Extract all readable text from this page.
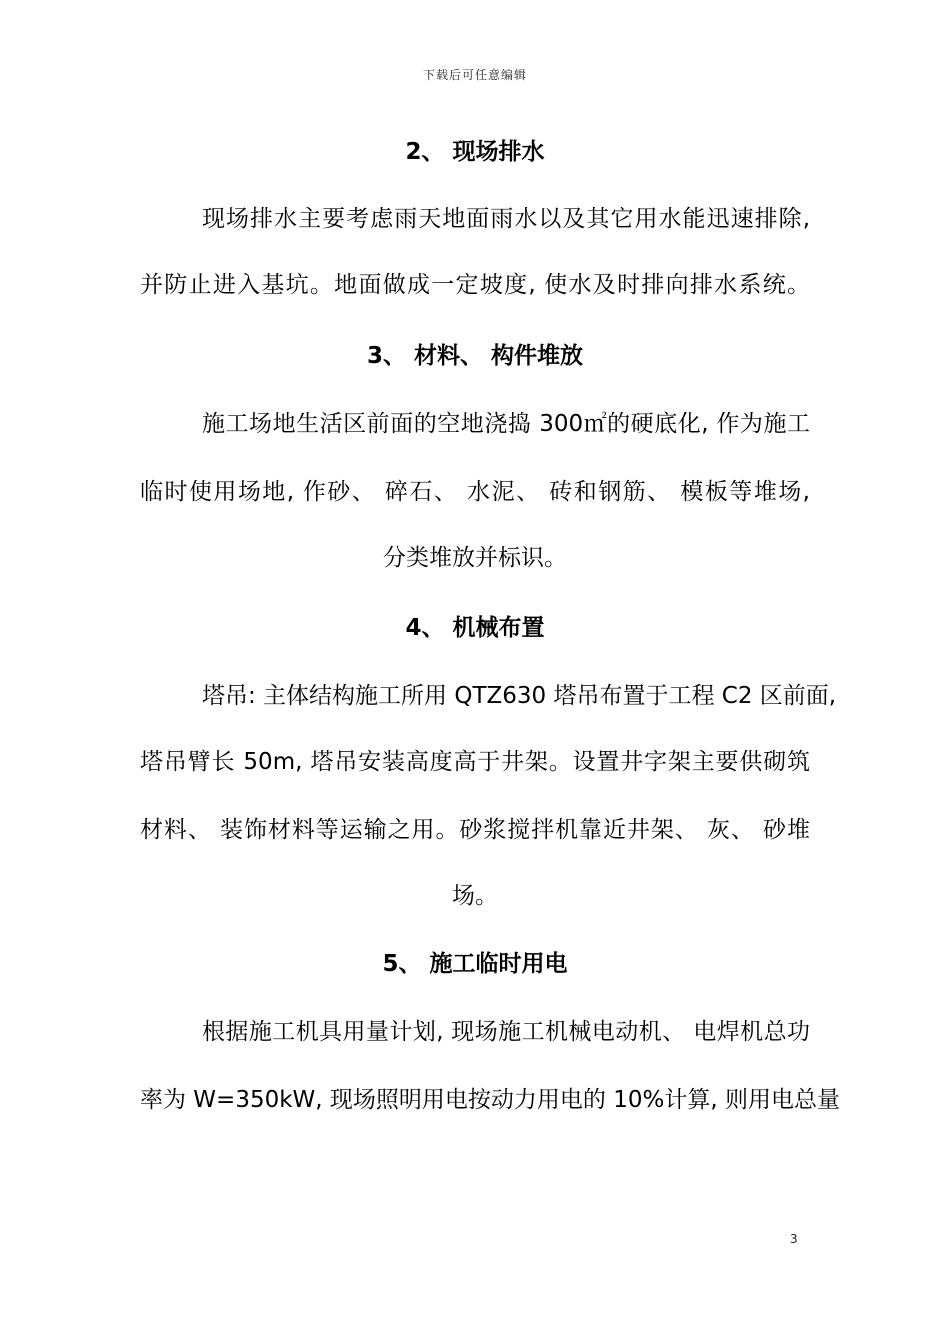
下载后可任意编辑
2、 现场排水
现场排水主要考虑雨天地面雨水以及其它用水能迅速排除,
并防止进入基坑。地面做成一定坡度, 使水及时排向排水系统。
3、 材料、 构件堆放
施工场地生活区前面的空地浇捣 300㎡的硬底化, 作为施工
临时使用场地, 作砂、 碎石、 水泥、 砖和钢筋、 模板等堆场,
分类堆放并标识。
4、 机械布置
塔吊: 主体结构施工所用 QTZ630 塔吊布置于工程 C2 区前面,
塔吊臂长 50m, 塔吊安装高度高于井架。设置井字架主要供砌筑
材料、 装饰材料等运输之用。砂浆搅拌机靠近井架、 灰、 砂堆
场。
5、 施工临时用电
根据施工机具用量计划, 现场施工机械电动机、 电焊机总功
率为 W=350kW, 现场照明用电按动力用电的 10%计算, 则用电总量
3
